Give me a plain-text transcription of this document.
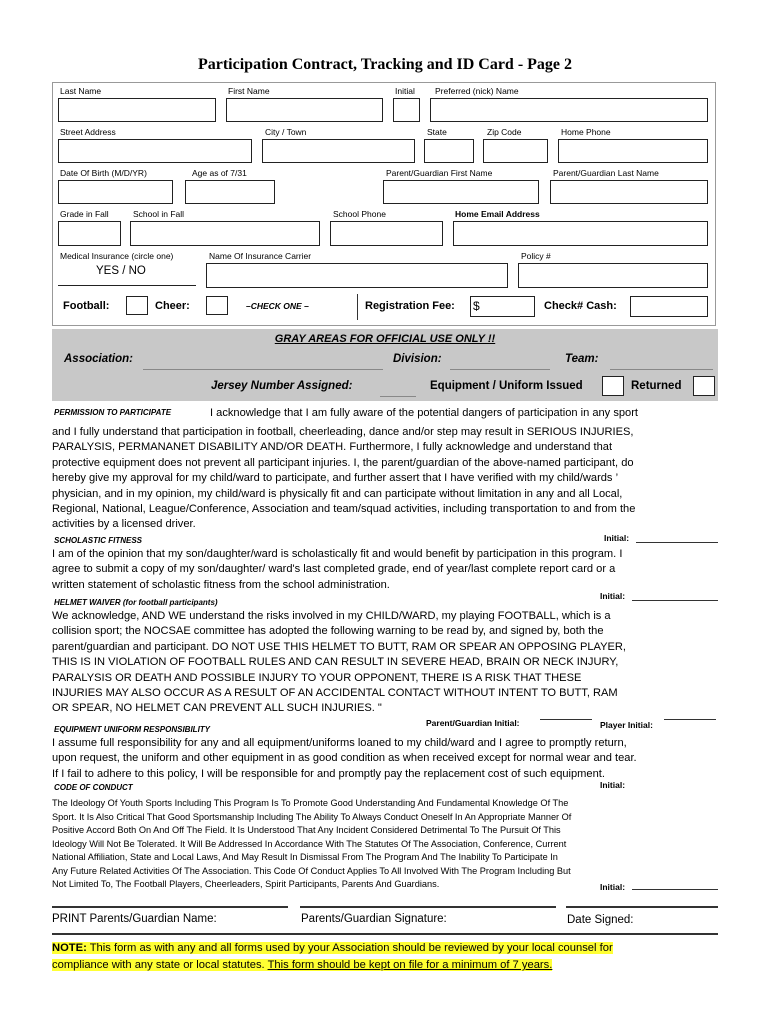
Participation Contract, Tracking and ID Card - Page 2
Last Name	First Name	Initial Preferred (nick) Name
Street Address	City / Town	State	Zip Code	Home Phone
Date Of Birth (M/D/YR)	Age as of 7/31	Parent/Guardian First Name	Parent/Guardian Last Name
Grade in Fall	School in Fall	School Phone	Home Email Address
Medical Insurance (circle one)	Name Of Insurance Carrier	Policy #
YES / NO
Football:	Cheer:	–CHECK ONE –	Registration Fee: $	Check# Cash:
GRAY AREAS FOR OFFICIAL USE ONLY !!
Association:	Division:	Team:
Jersey Number Assigned:	Equipment / Uniform Issued	Returned
PERMISSION TO PARTICIPATE	I acknowledge that I am fully aware of the potential dangers of participation in any sport
and I fully understand that participation in football, cheerleading, dance and/or step may result in SERIOUS INJURIES,
PARALYSIS, PERMANANET DISABILITY AND/OR DEATH. Furthermore, I fully acknowledge and understand that
protective equipment does not prevent all participant injuries. I, the parent/guardian of the above-named participant, do
hereby give my approval for my child/ward to participate, and further assert that I have verified with my child/wards ’
physician, and in my opinion, my child/ward is physically fit and can participate without limitation in any and all Local,
Regional, National, League/Conference, Association and team/squad activities, including transportation to and from the
activities by a licensed driver.
SCHOLASTIC FITNESS	Initial:
I am of the opinion that my son/daughter/ward is scholastically fit and would benefit by participation in this program. I
agree to submit a copy of my son/daughter/ ward's last completed grade, end of year/last complete report card or a
written statement of scholastic fitness from the school administration.
Initial:
HELMET WAIVER (for football participants)
We acknowledge, AND WE understand the risks involved in my CHILD/WARD, my playing FOOTBALL, which is a
collision sport; the NOCSAE committee has adopted the following warning to be read by, and signed by, both the
parent/guardian and participant. DO NOT USE THIS HELMET TO BUTT, RAM OR SPEAR AN OPPOSING PLAYER,
THIS IS IN VIOLATION OF FOOTBALL RULES AND CAN RESULT IN SEVERE HEAD, BRAIN OR NECK INJURY,
PARALYSIS OR DEATH AND POSSIBLE INJURY TO YOUR OPPONENT, THERE IS A RISK THAT THESE
INJURIES MAY ALSO OCCUR AS A RESULT OF AN ACCIDENTAL CONTACT WITHOUT INTENT TO BUTT, RAM
OR SPEAR, NO HELMET CAN PREVENT ALL SUCH INJURIES. "
Parent/Guardian Initial:	Player Initial:
EQUIPMENT UNIFORM RESPONSIBILITY
I assume full responsibility for any and all equipment/uniforms loaned to my child/ward and I agree to promptly return,
upon request, the uniform and other equipment in as good condition as when received except for normal wear and tear.
If I fail to adhere to this policy, I will be responsible for and promptly pay the replacement cost of such equipment.
Initial:
CODE OF CONDUCT
The Ideology Of Youth Sports Including This Program Is To Promote Good Understanding And Fundamental Knowledge Of The
Sport. It Is Also Critical That Good Sportsmanship Including The Ability To Always Conduct Oneself In An Appropriate Manner Of
Positive Accord Both On And Off The Field. It Is Understood That Any Incident Considered Detrimental To The Pursuit Of This
Ideology Will Not Be Tolerated. It Will Be Addressed In Accordance With The Statutes Of The Association, Conference, Current
National Affiliation, State and Local Laws, And May Result In Dismissal From The Program And The Inability To Participate In
Any Future Related Activities Of The Association. This Code Of Conduct Applies To All Involved With The Program Including But
Not Limited To, The Football Players, Cheerleaders, Spirit Participants, Parents And Guardians.	Initial:
PRINT Parents/Guardian Name:	Parents/Guardian Signature:	Date Signed:
NOTE: This form as with any and all forms used by your Association should be reviewed by your local counsel for
compliance with any state or local statutes. This form should be kept on file for a minimum of 7 years.
